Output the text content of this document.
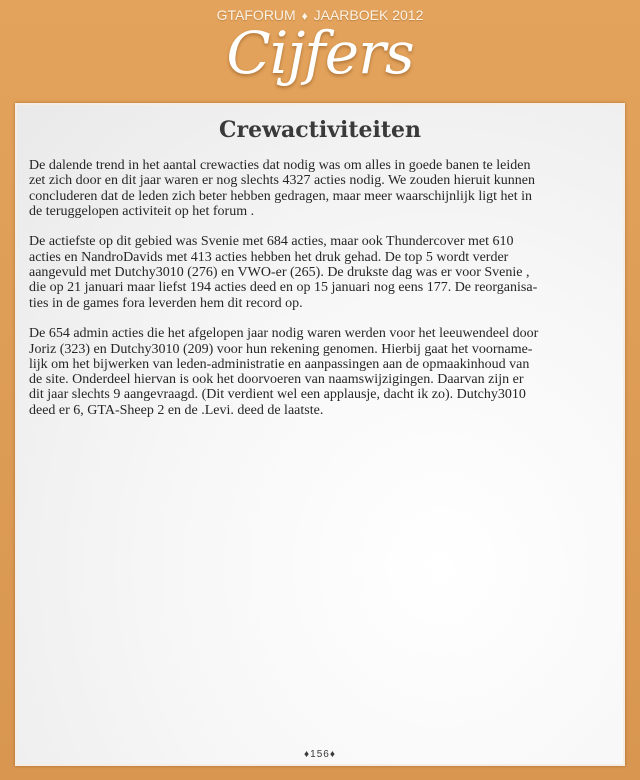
GTAFORUM ♦ JAARBOEK 2012
Cijfers
Crewactiviteiten

De dalende trend in het aantal crewacties dat nodig was om alles in goede banen te leiden
zet zich door en dit jaar waren er nog slechts 4327 acties nodig. We zouden hieruit kunnen
concluderen dat de leden zich beter hebben gedragen, maar meer waarschijnlijk ligt het in
de teruggelopen activiteit op het forum .

De actiefste op dit gebied was Svenie met 684 acties, maar ook Thundercover met 610
acties en NandroDavids met 413 acties hebben het druk gehad. De top 5 wordt verder
aangevuld met Dutchy3010 (276) en VWO-er (265). De drukste dag was er voor Svenie ,
die op 21 januari maar liefst 194 acties deed en op 15 januari nog eens 177. De reorganisa-
ties in de games fora leverden hem dit record op.

De 654 admin acties die het afgelopen jaar nodig waren werden voor het leeuwendeel door
Joriz (323) en Dutchy3010 (209) voor hun rekening genomen. Hierbij gaat het voorname-
lijk om het bijwerken van leden-administratie en aanpassingen aan de opmaakinhoud van
de site. Onderdeel hiervan is ook het doorvoeren van naamswijzigingen. Daarvan zijn er
dit jaar slechts 9 aangevraagd. (Dit verdient wel een applausje, dacht ik zo). Dutchy3010
deed er 6, GTA-Sheep 2 en de .Levi. deed de laatste.

♦156♦
